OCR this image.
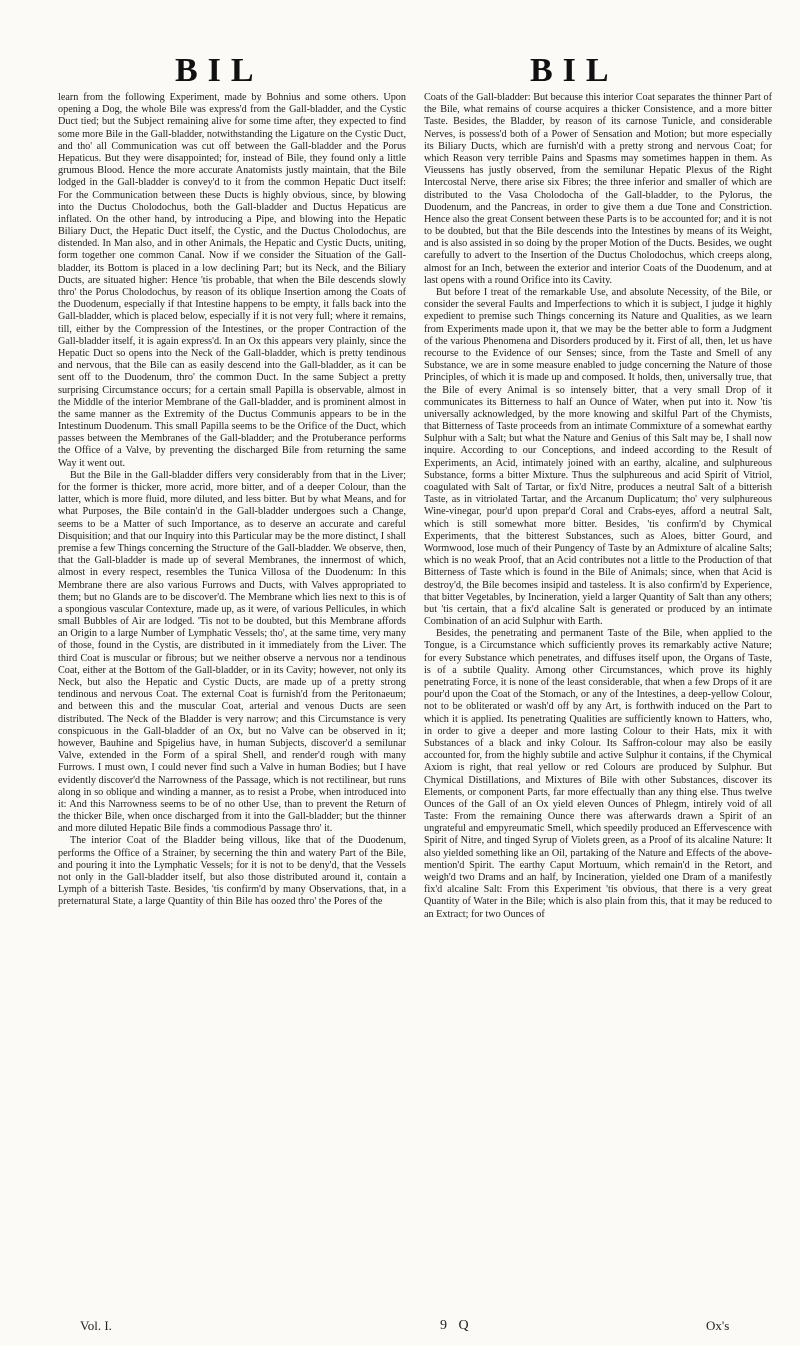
BIL	BIL

learn from the following Experiment, made by Bohnius and some others. Upon opening a Dog, the whole Bile was express'd from the Gall-bladder, and the Cystic Duct tied; but the Subject remaining alive for some time after, they expected to find some more Bile in the Gall-bladder, notwithstanding the Ligature on the Cystic Duct, and tho' all Communication was cut off between the Gall-bladder and the Porus Hepaticus. But they were disappointed; for, instead of Bile, they found only a little grumous Blood. Hence the more accurate Anatomists justly maintain, that the Bile lodged in the Gall-bladder is convey'd to it from the common Hepatic Duct itself: For the Communication between these Ducts is highly obvious, since, by blowing into the Ductus Cholodochus, both the Gall-bladder and Ductus Hepaticus are inflated. On the other hand, by introducing a Pipe, and blowing into the Hepatic Biliary Duct, the Hepatic Duct itself, the Cystic, and the Ductus Cholodochus, are distended. In Man also, and in other Animals, the Hepatic and Cystic Ducts, uniting, form together one common Canal. Now if we consider the Situation of the Gall-bladder, its Bottom is placed in a low declining Part; but its Neck, and the Biliary Ducts, are situated higher: Hence 'tis probable, that when the Bile descends slowly thro' the Porus Cholodochus, by reason of its oblique Insertion among the Coats of the Duodenum, especially if that Intestine happens to be empty, it falls back into the Gall-bladder, which is placed below, especially if it is not very full; where it remains, till, either by the Compression of the Intestines, or the proper Contraction of the Gall-bladder itself, it is again express'd. In an Ox this appears very plainly, since the Hepatic Duct so opens into the Neck of the Gall-bladder, which is pretty tendinous and nervous, that the Bile can as easily descend into the Gall-bladder, as it can be sent off to the Duodenum, thro' the common Duct. In the same Subject a pretty surprising Circumstance occurs; for a certain small Papilla is observable, almost in the Middle of the interior Membrane of the Gall-bladder, and is prominent almost in the same manner as the Extremity of the Ductus Communis appears to be in the Intestinum Duodenum. This small Papilla seems to be the Orifice of the Duct, which passes between the Membranes of the Gall-bladder; and the Protuberance performs the Office of a Valve, by preventing the discharged Bile from returning the same Way it went out.

But the Bile in the Gall-bladder differs very considerably from that in the Liver; for the former is thicker, more acrid, more bitter, and of a deeper Colour, than the latter, which is more fluid, more diluted, and less bitter. But by what Means, and for what Purposes, the Bile contain'd in the Gall-bladder undergoes such a Change, seems to be a Matter of such Importance, as to deserve an accurate and careful Disquisition; and that our Inquiry into this Particular may be the more distinct, I shall premise a few Things concerning the Structure of the Gall-bladder. We observe, then, that the Gall-bladder is made up of several Membranes, the innermost of which, almost in every respect, resembles the Tunica Villosa of the Duodenum: In this Membrane there are also various Furrows and Ducts, with Valves appropriated to them; but no Glands are to be discover'd. The Membrane which lies next to this is of a spongious vascular Contexture, made up, as it were, of various Pellicules, in which small Bubbles of Air are lodged. 'Tis not to be doubted, but this Membrane affords an Origin to a large Number of Lymphatic Vessels; tho', at the same time, very many of those, found in the Cystis, are distributed in it immediately from the Liver. The third Coat is muscular or fibrous; but we neither observe a nervous nor a tendinous Coat, either at the Bottom of the Gall-bladder, or in its Cavity; however, not only its Neck, but also the Hepatic and Cystic Ducts, are made up of a pretty strong tendinous and nervous Coat. The external Coat is furnish'd from the Peritonaeum; and between this and the muscular Coat, arterial and venous Ducts are seen distributed. The Neck of the Bladder is very narrow; and this Circumstance is very conspicuous in the Gall-bladder of an Ox, but no Valve can be observed in it; however, Bauhine and Spigelius have, in human Subjects, discover'd a semilunar Valve, extended in the Form of a spiral Shell, and render'd rough with many Furrows. I must own, I could never find such a Valve in human Bodies; but I have evidently discover'd the Narrowness of the Passage, which is not rectilinear, but runs along in so oblique and winding a manner, as to resist a Probe, when introduced into it: And this Narrowness seems to be of no other Use, than to prevent the Return of the thicker Bile, when once discharged from it into the Gall-bladder; but the thinner and more diluted Hepatic Bile finds a commodious Passage thro' it.

The interior Coat of the Bladder being villous, like that of the Duodenum, performs the Office of a Strainer, by secerning the thin and watery Part of the Bile, and pouring it into the Lymphatic Vessels; for it is not to be deny'd, that the Vessels not only in the Gall-bladder itself, but also those distributed around it, contain a Lymph of a bitterish Taste. Besides, 'tis confirm'd by many Observations, that, in a preternatural State, a large Quantity of thin Bile has oozed thro' the Pores of the

Coats of the Gall-bladder: But because this interior Coat separates the thinner Part of the Bile, what remains of course acquires a thicker Consistence, and a more bitter Taste. Besides, the Bladder, by reason of its carnose Tunicle, and considerable Nerves, is possess'd both of a Power of Sensation and Motion; but more especially its Biliary Ducts, which are furnish'd with a pretty strong and nervous Coat; for which Reason very terrible Pains and Spasms may sometimes happen in them. As Vieussens has justly observed, from the semilunar Hepatic Plexus of the Right Intercostal Nerve, there arise six Fibres; the three inferior and smaller of which are distributed to the Vasa Cholodocha of the Gall-bladder, to the Pylorus, the Duodenum, and the Pancreas, in order to give them a due Tone and Constriction. Hence also the great Consent between these Parts is to be accounted for; and it is not to be doubted, but that the Bile descends into the Intestines by means of its Weight, and is also assisted in so doing by the proper Motion of the Ducts. Besides, we ought carefully to advert to the Insertion of the Ductus Cholodochus, which creeps along, almost for an Inch, between the exterior and interior Coats of the Duodenum, and at last opens with a round Orifice into its Cavity.

But before I treat of the remarkable Use, and absolute Necessity, of the Bile, or consider the several Faults and Imperfections to which it is subject, I judge it highly expedient to premise such Things concerning its Nature and Qualities, as we learn from Experiments made upon it, that we may be the better able to form a Judgment of the various Phenomena and Disorders produced by it. First of all, then, let us have recourse to the Evidence of our Senses; since, from the Taste and Smell of any Substance, we are in some measure enabled to judge concerning the Nature of those Principles, of which it is made up and composed. It holds, then, universally true, that the Bile of every Animal is so intensely bitter, that a very small Drop of it communicates its Bitterness to half an Ounce of Water, when put into it. Now 'tis universally acknowledged, by the more knowing and skilful Part of the Chymists, that Bitterness of Taste proceeds from an intimate Commixture of a somewhat earthy Sulphur with a Salt; but what the Nature and Genius of this Salt may be, I shall now inquire. According to our Conceptions, and indeed according to the Result of Experiments, an Acid, intimately joined with an earthy, alcaline, and sulphureous Substance, forms a bitter Mixture. Thus the sulphureous and acid Spirit of Vitriol, coagulated with Salt of Tartar, or fix'd Nitre, produces a neutral Salt of a bitterish Taste, as in vitriolated Tartar, and the Arcanum Duplicatum; tho' very sulphureous Wine-vinegar, pour'd upon prepar'd Coral and Crabs-eyes, afford a neutral Salt, which is still somewhat more bitter. Besides, 'tis confirm'd by Chymical Experiments, that the bitterest Substances, such as Aloes, bitter Gourd, and Wormwood, lose much of their Pungency of Taste by an Admixture of alcaline Salts; which is no weak Proof, that an Acid contributes not a little to the Production of that Bitterness of Taste which is found in the Bile of Animals; since, when that Acid is destroy'd, the Bile becomes insipid and tasteless. It is also confirm'd by Experience, that bitter Vegetables, by Incineration, yield a larger Quantity of Salt than any others; but 'tis certain, that a fix'd alcaline Salt is generated or produced by an intimate Combination of an acid Sulphur with Earth.

Besides, the penetrating and permanent Taste of the Bile, when applied to the Tongue, is a Circumstance which sufficiently proves its remarkably active Nature; for every Substance which penetrates, and diffuses itself upon, the Organs of Taste, is of a subtile Quality. Among other Circumstances, which prove its highly penetrating Force, it is none of the least considerable, that when a few Drops of it are pour'd upon the Coat of the Stomach, or any of the Intestines, a deep-yellow Colour, not to be obliterated or wash'd off by any Art, is forthwith induced on the Part to which it is applied. Its penetrating Qualities are sufficiently known to Hatters, who, in order to give a deeper and more lasting Colour to their Hats, mix it with Substances of a black and inky Colour. Its Saffron-colour may also be easily accounted for, from the highly subtile and active Sulphur it contains, if the Chymical Axiom is right, that real yellow or red Colours are produced by Sulphur. But Chymical Distillations, and Mixtures of Bile with other Substances, discover its Elements, or component Parts, far more effectually than any thing else. Thus twelve Ounces of the Gall of an Ox yield eleven Ounces of Phlegm, intirely void of all Taste: From the remaining Ounce there was afterwards drawn a Spirit of an ungrateful and empyreumatic Smell, which speedily produced an Effervescence with Spirit of Nitre, and tinged Syrup of Violets green, as a Proof of its alcaline Nature: It also yielded something like an Oil, partaking of the Nature and Effects of the above-mention'd Spirit. The earthy Caput Mortuum, which remain'd in the Retort, and weigh'd two Drams and an half, by Incineration, yielded one Dram of a manifestly fix'd alcaline Salt: From this Experiment 'tis obvious, that there is a very great Quantity of Water in the Bile; which is also plain from this, that it may be reduced to an Extract; for two Ounces of

Vol. I.	9 Q	Ox's
